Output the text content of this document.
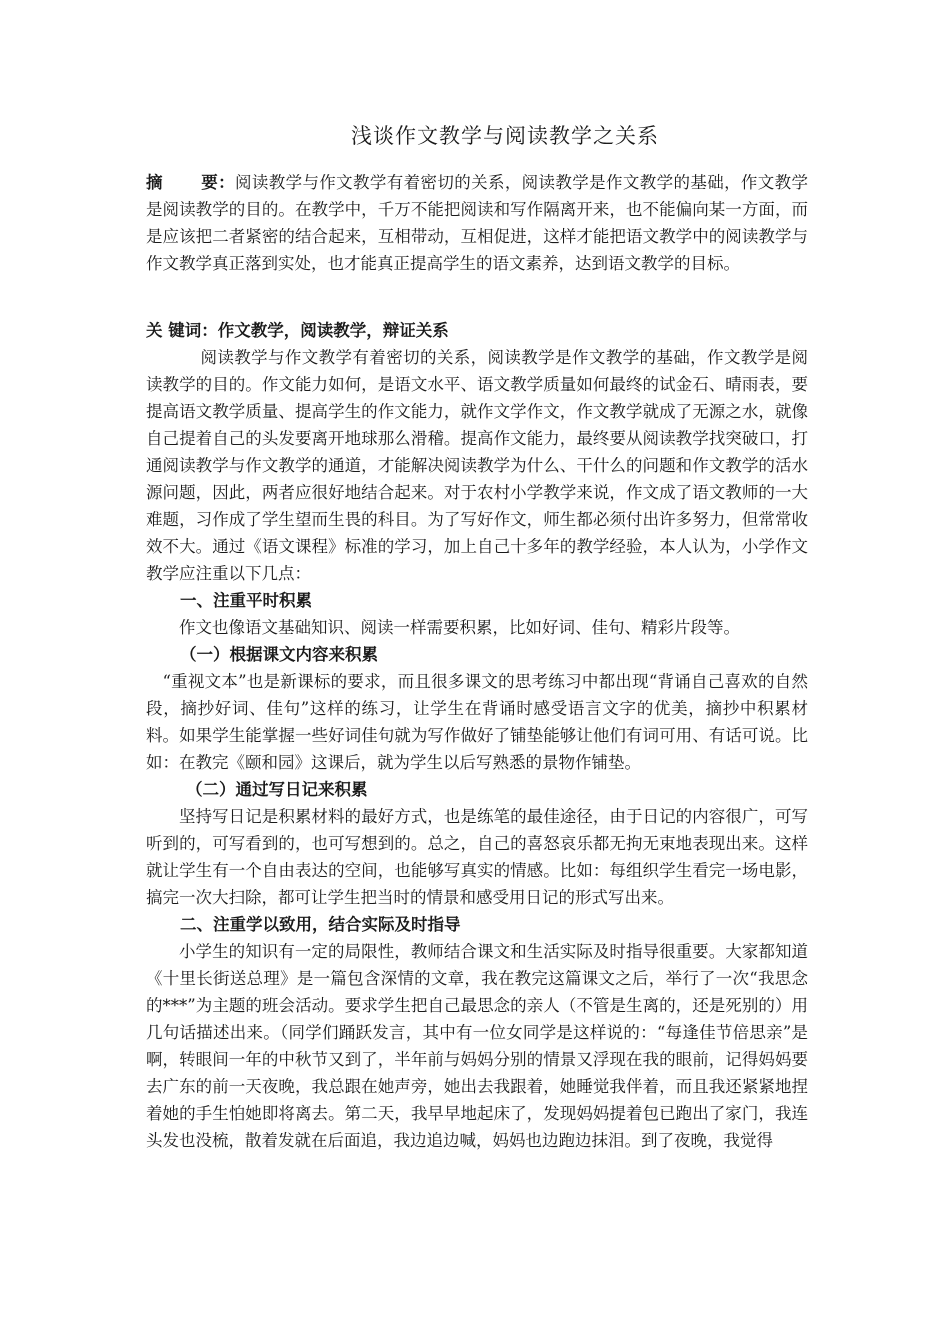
浅谈作文教学与阅读教学之关系
摘 要：阅读教学与作文教学有着密切的关系，阅读教学是作文教学的基础，作文教学是阅读教学的目的。在教学中，千万不能把阅读和写作隔离开来，也不能偏向某一方面，而是应该把二者紧密的结合起来，互相带动，互相促进，这样才能把语文教学中的阅读教学与作文教学真正落到实处，也才能真正提高学生的语文素养，达到语文教学的目标。
关 键词：作文教学，阅读教学，辩证关系

阅读教学与作文教学有着密切的关系，阅读教学是作文教学的基础，作文教学是阅读教学的目的。作文能力如何，是语文水平、语文教学质量如何最终的试金石、晴雨表，要提高语文教学质量、提高学生的作文能力，就作文学作文，作文教学就成了无源之水，就像自己提着自己的头发要离开地球那么滑稽。提高作文能力，最终要从阅读教学找突破口，打通阅读教学与作文教学的通道，才能解决阅读教学为什么、干什么的问题和作文教学的活水源问题，因此，两者应很好地结合起来。对于农村小学教学来说，作文成了语文教师的一大难题，习作成了学生望而生畏的科目。为了写好作文，师生都必须付出许多努力，但常常收效不大。通过《语文课程》标准的学习，加上自己十多年的教学经验，本人认为，小学作文教学应注重以下几点：

一、注重平时积累

作文也像语文基础知识、阅读一样需要积累，比如好词、佳句、精彩片段等。

（一）根据课文内容来积累

“重视文本”也是新课标的要求，而且很多课文的思考练习中都出现“背诵自己喜欢的自然段，摘抄好词、佳句”这样的练习，让学生在背诵时感受语言文字的优美，摘抄中积累材料。如果学生能掌握一些好词佳句就为写作做好了铺垫能够让他们有词可用、有话可说。比如：在教完《颐和园》这课后，就为学生以后写熟悉的景物作铺垫。

（二）通过写日记来积累

坚持写日记是积累材料的最好方式，也是练笔的最佳途径，由于日记的内容很广，可写听到的，可写看到的，也可写想到的。总之，自己的喜怒哀乐都无拘无束地表现出来。这样就让学生有一个自由表达的空间，也能够写真实的情感。比如：每组织学生看完一场电影，搞完一次大扫除，都可让学生把当时的情景和感受用日记的形式写出来。

二、注重学以致用，结合实际及时指导

小学生的知识有一定的局限性，教师结合课文和生活实际及时指导很重要。大家都知道《十里长街送总理》是一篇包含深情的文章，我在教完这篇课文之后，举行了一次“我思念的***”为主题的班会活动。要求学生把自己最思念的亲人（不管是生离的，还是死别的）用几句话描述出来。（同学们踊跃发言，其中有一位女同学是这样说的：“每逢佳节倍思亲”是啊，转眼间一年的中秋节又到了，半年前与妈妈分别的情景又浮现在我的眼前，记得妈妈要去广东的前一天夜晚，我总跟在她声旁，她出去我跟着，她睡觉我伴着，而且我还紧紧地捏着她的手生怕她即将离去。第二天，我早早地起床了，发现妈妈提着包已跑出了家门，我连头发也没梳，散着发就在后面追，我边追边喊，妈妈也边跑边抹泪。到了夜晚，我觉得
